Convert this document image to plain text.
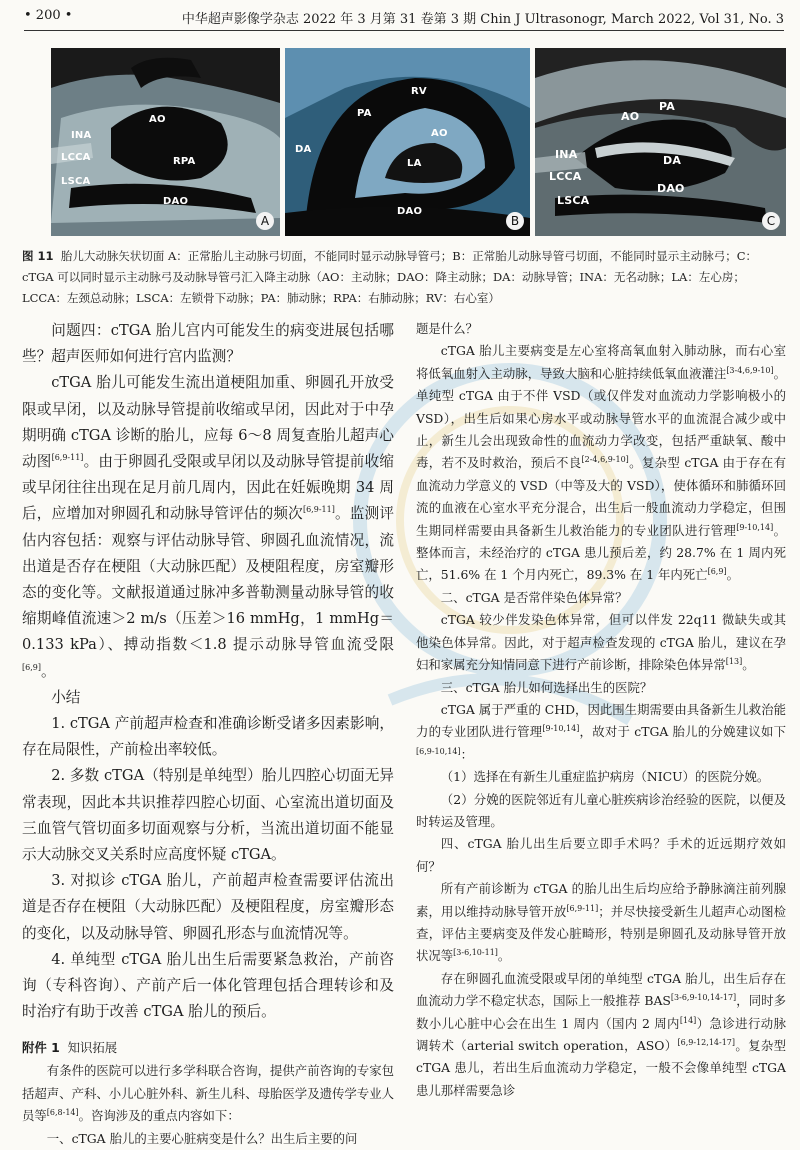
• 200 •	中华超声影像学杂志 2022 年 3 月第 31 卷第 3 期 Chin J Ultrasonogr, March 2022, Vol 31, No. 3
AO
INA
LCCA	RPA
LSCA
DAO
A
RV
PA
AO
DA
LA
DAO
B
PA
AO
INA	DA
LCCA
DAO
LSCA
C
图 11 胎儿大动脉矢状切面 A：正常胎儿主动脉弓切面，不能同时显示动脉导管弓；B：正常胎儿动脉导管弓切面，不能同时显示主动脉弓；C：cTGA 可以同时显示主动脉弓及动脉导管弓汇入降主动脉（AO：主动脉；DAO：降主动脉；DA：动脉导管；INA：无名动脉；LA：左心房；LCCA：左颈总动脉；LSCA：左锁骨下动脉；PA：肺动脉；RPA：右肺动脉；RV：右心室）

问题四：cTGA 胎儿宫内可能发生的病变进展包括哪些？超声医师如何进行宫内监测？

cTGA 胎儿可能发生流出道梗阻加重、卵圆孔开放受限或早闭，以及动脉导管提前收缩或早闭，因此对于中孕期明确 cTGA 诊断的胎儿，应每 6～8 周复查胎儿超声心动图[6,9-11]。由于卵圆孔受限或早闭以及动脉导管提前收缩或早闭往往出现在足月前几周内，因此在妊娠晚期 34 周后，应增加对卵圆孔和动脉导管评估的频次[6,9-11]。监测评估内容包括：观察与评估动脉导管、卵圆孔血流情况，流出道是否存在梗阻（大动脉匹配）及梗阻程度，房室瓣形态的变化等。文献报道通过脉冲多普勒测量动脉导管的收缩期峰值流速＞2 m/s（压差＞16 mmHg，1 mmHg＝0.133 kPa）、搏动指数＜1.8 提示动脉导管血流受限[6,9]。

小结

1. cTGA 产前超声检查和准确诊断受诸多因素影响，存在局限性，产前检出率较低。

2. 多数 cTGA（特别是单纯型）胎儿四腔心切面无异常表现，因此本共识推荐四腔心切面、心室流出道切面及三血管气管切面多切面观察与分析，当流出道切面不能显示大动脉交叉关系时应高度怀疑 cTGA。

3. 对拟诊 cTGA 胎儿，产前超声检查需要评估流出道是否存在梗阻（大动脉匹配）及梗阻程度，房室瓣形态的变化，以及动脉导管、卵圆孔形态与血流情况等。

4. 单纯型 cTGA 胎儿出生后需要紧急救治，产前咨询（专科咨询）、产前产后一体化管理包括合理转诊和及时治疗有助于改善 cTGA 胎儿的预后。

附件 1 知识拓展

有条件的医院可以进行多学科联合咨询，提供产前咨询的专家包括超声、产科、小儿心脏外科、新生儿科、母胎医学及遗传学专业人员等[6,8-14]。咨询涉及的重点内容如下：

一、cTGA 胎儿的主要心脏病变是什么？出生后主要的问

题是什么？

cTGA 胎儿主要病变是左心室将高氧血射入肺动脉，而右心室将低氧血射入主动脉，导致大脑和心脏持续低氧血液灌注[3-4,6,9-10]。单纯型 cTGA 由于不伴 VSD（或仅伴发对血流动力学影响极小的 VSD），出生后如果心房水平或动脉导管水平的血流混合减少或中止，新生儿会出现致命性的血流动力学改变，包括严重缺氧、酸中毒，若不及时救治，预后不良[2-4,6,9-10]。复杂型 cTGA 由于存在有血流动力学意义的 VSD（中等及大的 VSD），使体循环和肺循环回流的血液在心室水平充分混合，出生后一般血流动力学稳定，但围生期同样需要由具备新生儿救治能力的专业团队进行管理[9-10,14]。整体而言，未经治疗的 cTGA 患儿预后差，约 28.7% 在 1 周内死亡，51.6% 在 1 个月内死亡，89.3% 在 1 年内死亡[6,9]。

二、cTGA 是否常伴染色体异常？

cTGA 较少伴发染色体异常，但可以伴发 22q11 微缺失或其他染色体异常。因此，对于超声检查发现的 cTGA 胎儿，建议在孕妇和家属充分知情同意下进行产前诊断，排除染色体异常[13]。

三、cTGA 胎儿如何选择出生的医院？

cTGA 属于严重的 CHD，因此围生期需要由具备新生儿救治能力的专业团队进行管理[9-10,14]，故对于 cTGA 胎儿的分娩建议如下[6,9-10,14]：

（1）选择在有新生儿重症监护病房（NICU）的医院分娩。

（2）分娩的医院邻近有儿童心脏疾病诊治经验的医院，以便及时转运及管理。

四、cTGA 胎儿出生后要立即手术吗？手术的近远期疗效如何？

所有产前诊断为 cTGA 的胎儿出生后均应给予静脉滴注前列腺素，用以维持动脉导管开放[6,9-11]；并尽快接受新生儿超声心动图检查，评估主要病变及伴发心脏畸形，特别是卵圆孔及动脉导管开放状况等[3-6,10-11]。

存在卵圆孔血流受限或早闭的单纯型 cTGA 胎儿，出生后存在血流动力学不稳定状态，国际上一般推荐 BAS[3-6,9-10,14-17]，同时多数小儿心脏中心会在出生 1 周内（国内 2 周内[14]）急诊进行动脉调转术（arterial switch operation，ASO）[6,9-12,14-17]。复杂型 cTGA 患儿，若出生后血流动力学稳定，一般不会像单纯型 cTGA 患儿那样需要急诊
